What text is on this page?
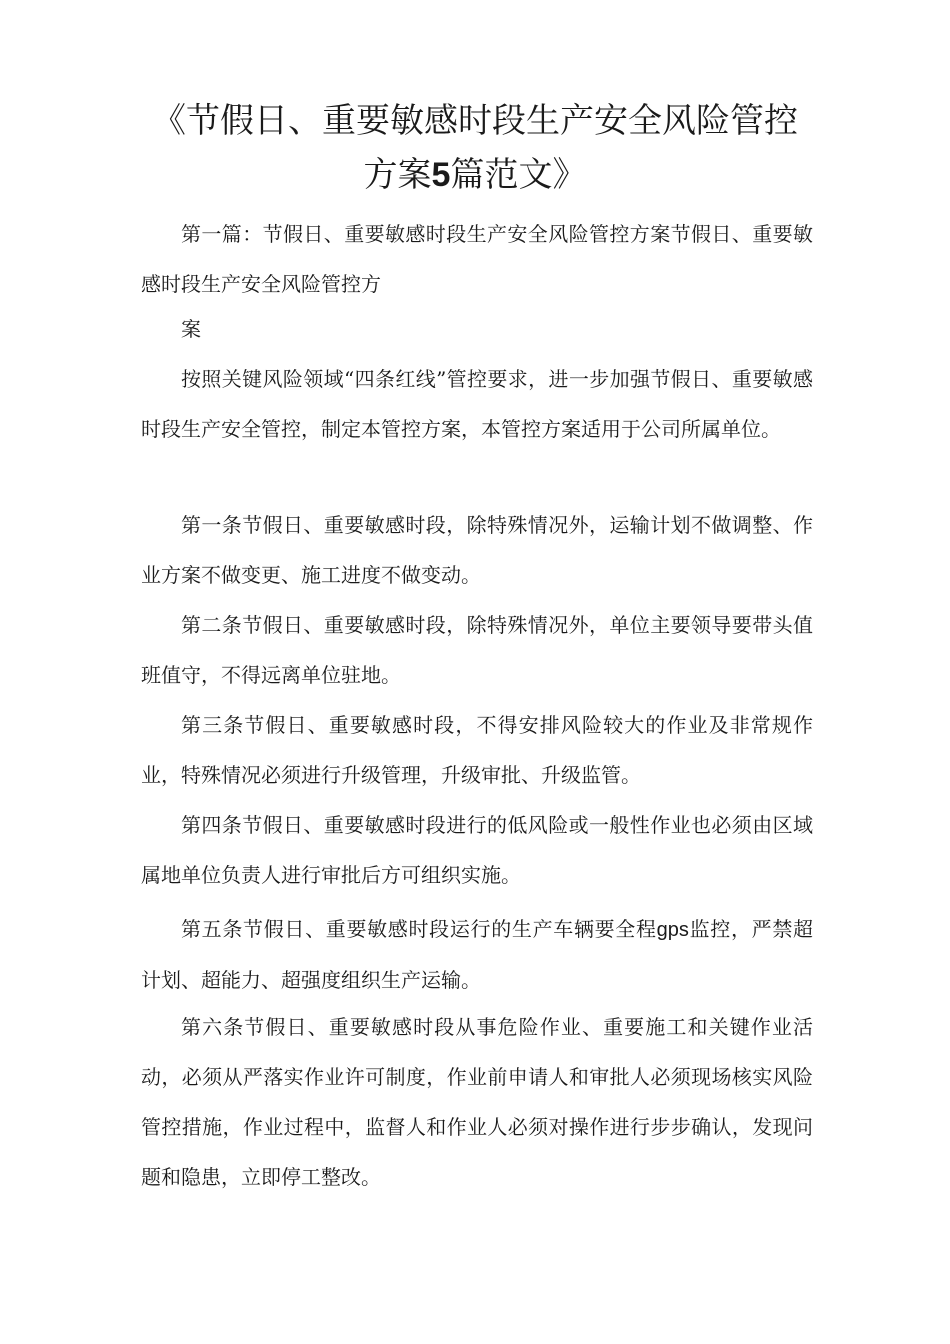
《节假日、重要敏感时段生产安全风险管控
方案5篇范文》

第一篇：节假日、重要敏感时段生产安全风险管控方案节假日、重要敏感时段生产安全风险管控方

案

按照关键风险领域“四条红线”管控要求，进一步加强节假日、重要敏感时段生产安全管控，制定本管控方案，本管控方案适用于公司所属单位。

第一条节假日、重要敏感时段，除特殊情况外，运输计划不做调整、作业方案不做变更、施工进度不做变动。

第二条节假日、重要敏感时段，除特殊情况外，单位主要领导要带头值班值守，不得远离单位驻地。

第三条节假日、重要敏感时段，不得安排风险较大的作业及非常规作业，特殊情况必须进行升级管理，升级审批、升级监管。

第四条节假日、重要敏感时段进行的低风险或一般性作业也必须由区域属地单位负责人进行审批后方可组织实施。

第五条节假日、重要敏感时段运行的生产车辆要全程gps监控，严禁超计划、超能力、超强度组织生产运输。

第六条节假日、重要敏感时段从事危险作业、重要施工和关键作业活动，必须从严落实作业许可制度，作业前申请人和审批人必须现场核实风险管控措施，作业过程中，监督人和作业人必须对操作进行步步确认，发现问题和隐患，立即停工整改。
